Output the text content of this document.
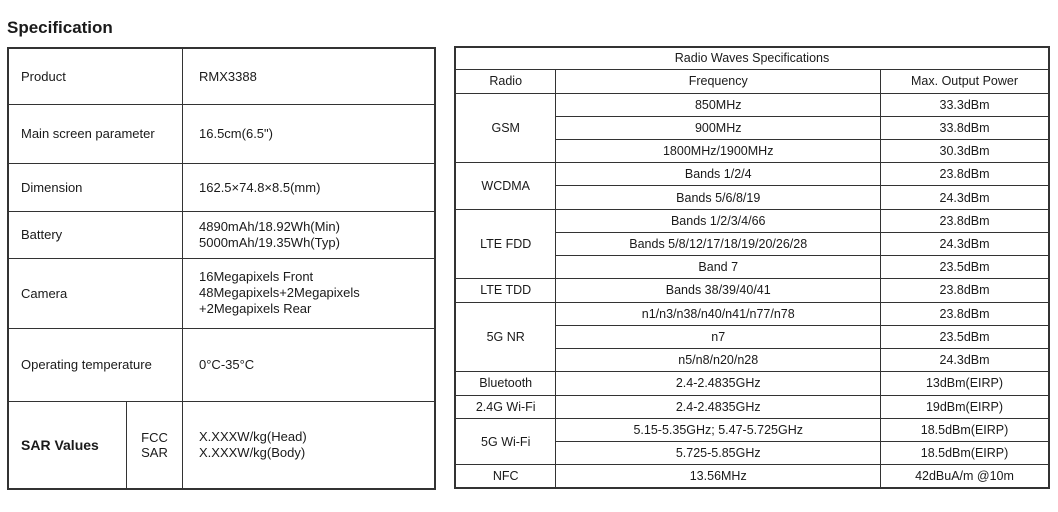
Specification
Product		RMX3388
Main screen parameter		16.5cm(6.5")
Dimension		162.5×74.8×8.5(mm)
Battery		4890mAh/18.92Wh(Min)
5000mAh/19.35Wh(Typ)
Camera		16Megapixels Front
48Megapixels+2Megapixels
+2Megapixels Rear
Operating temperature		0°C-35°C
SAR Values	FCC SAR	X.XXXW/kg(Head)
X.XXXW/kg(Body)
Radio Waves Specifications		
Radio	Frequency	Max. Output Power
GSM	850MHz	33.3dBm
	900MHz	33.8dBm
	1800MHz/1900MHz	30.3dBm
WCDMA	Bands 1/2/4	23.8dBm
	Bands 5/6/8/19	24.3dBm
LTE FDD	Bands 1/2/3/4/66	23.8dBm
	Bands 5/8/12/17/18/19/20/26/28	24.3dBm
	Band 7	23.5dBm
LTE TDD	Bands 38/39/40/41	23.8dBm
5G NR	n1/n3/n38/n40/n41/n77/n78	23.8dBm
	n7	23.5dBm
	n5/n8/n20/n28	24.3dBm
Bluetooth	2.4-2.4835GHz	13dBm(EIRP)
2.4G Wi-Fi	2.4-2.4835GHz	19dBm(EIRP)
5G Wi-Fi	5.15-5.35GHz; 5.47-5.725GHz	18.5dBm(EIRP)
	5.725-5.85GHz	18.5dBm(EIRP)
NFC	13.56MHz	42dBuA/m @10m
